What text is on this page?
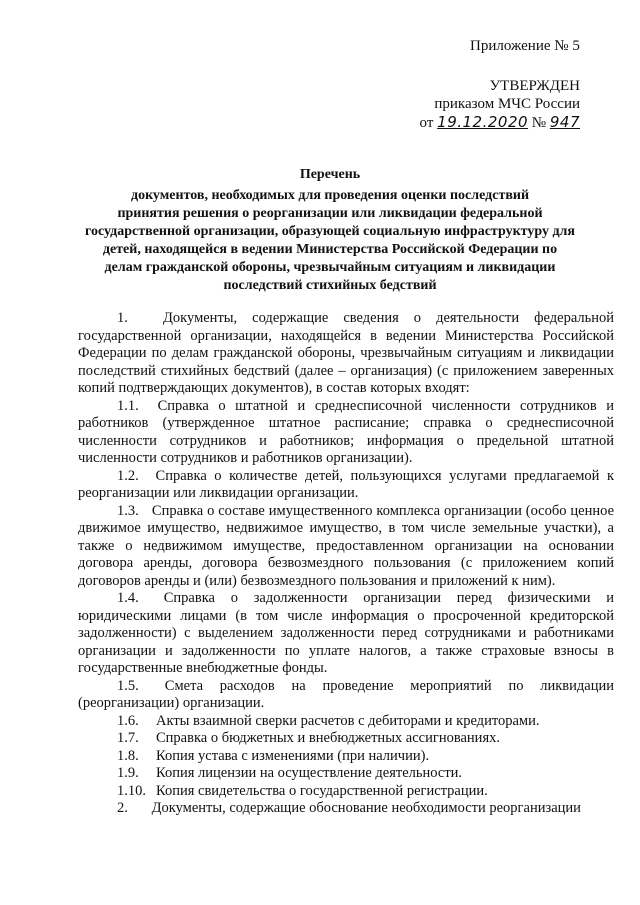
Приложение № 5
УТВЕРЖДЕН
приказом МЧС России
от 19.12.2020 № 947
Перечень
документов, необходимых для проведения оценки последствий
принятия решения о реорганизации или ликвидации федеральной
государственной организации, образующей социальную инфраструктуру для
детей, находящейся в ведении Министерства Российской Федерации по
делам гражданской обороны, чрезвычайным ситуациям и ликвидации
последствий стихийных бедствий

1. Документы, содержащие сведения о деятельности федеральной государственной организации, находящейся в ведении Министерства Российской Федерации по делам гражданской обороны, чрезвычайным ситуациям и ликвидации последствий стихийных бедствий (далее – организация) (с приложением заверенных копий подтверждающих документов), в состав которых входят:

1.1. Справка о штатной и среднесписочной численности сотрудников и работников (утвержденное штатное расписание; справка о среднесписочной численности сотрудников и работников; информация о предельной штатной численности сотрудников и работников организации).

1.2. Справка о количестве детей, пользующихся услугами предлагаемой к реорганизации или ликвидации организации.

1.3. Справка о составе имущественного комплекса организации (особо ценное движимое имущество, недвижимое имущество, в том числе земельные участки), а также о недвижимом имуществе, предоставленном организации на основании договора аренды, договора безвозмездного пользования (с приложением копий договоров аренды и (или) безвозмездного пользования и приложений к ним).

1.4. Справка о задолженности организации перед физическими и юридическими лицами (в том числе информация о просроченной кредиторской задолженности) с выделением задолженности перед сотрудниками и работниками организации и задолженности по уплате налогов, а также страховые взносы в государственные внебюджетные фонды.

1.5. Смета расходов на проведение мероприятий по ликвидации (реорганизации) организации.

1.6. Акты взаимной сверки расчетов с дебиторами и кредиторами.

1.7. Справка о бюджетных и внебюджетных ассигнованиях.

1.8. Копия устава с изменениями (при наличии).

1.9. Копия лицензии на осуществление деятельности.

1.10. Копия свидетельства о государственной регистрации.

2. Документы, содержащие обоснование необходимости реорганизации
